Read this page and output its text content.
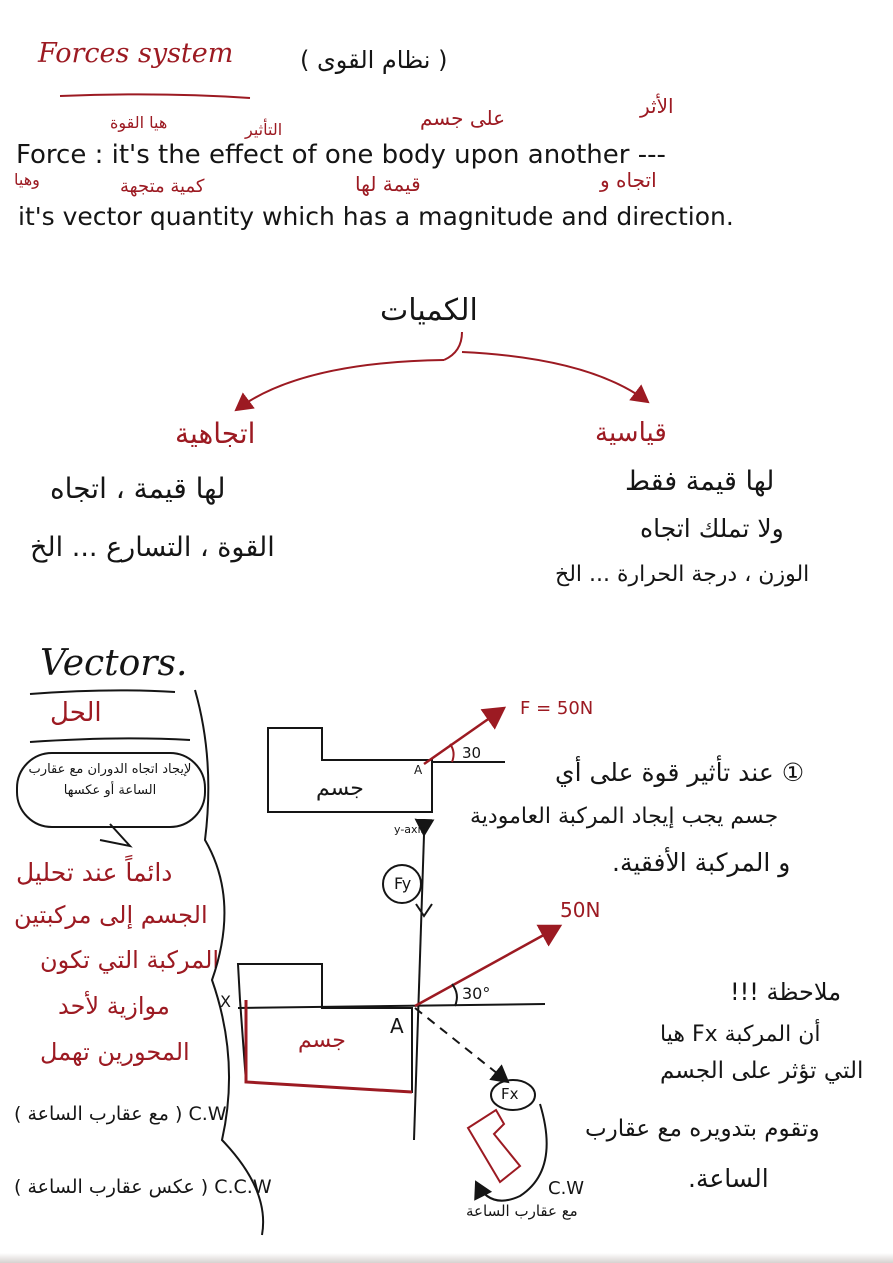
Forces system	( نظام القوى )
هيا القوة	التأثير	على جسم	الأثر
Force : it's the effect of one body upon another ---
وهيا	كمية متجهة	قيمة لها	اتجاه و
it's vector quantity which has a magnitude and direction.
الكميات
اتجاهية
لها قيمة ، اتجاه
القوة ، التسارع ... الخ
قياسية
لها قيمة فقط
ولا تملك اتجاه
الوزن ، درجة الحرارة ... الخ
Vectors.
الحل
لإيجاد اتجاه الدوران مع عقارب الساعة أو عكسها
دائماً عند تحليل
الجسم إلى مركبتين
المركبة التي تكون
موازية لأحد
المحورين تهمل
C.W ( مع عقارب الساعة )
C.C.W ( عكس عقارب الساعة )
F = 50N
30
A
جسم
y-axis
Fy
50N
30°
X
A
جسم
Fx
C.W
مع عقارب الساعة
① عند تأثير قوة على أي
جسم يجب إيجاد المركبة العامودية
و المركبة الأفقية.
ملاحظة !!!
أن المركبة Fx هيا
التي تؤثر على الجسم
وتقوم بتدويره مع عقارب
الساعة.
